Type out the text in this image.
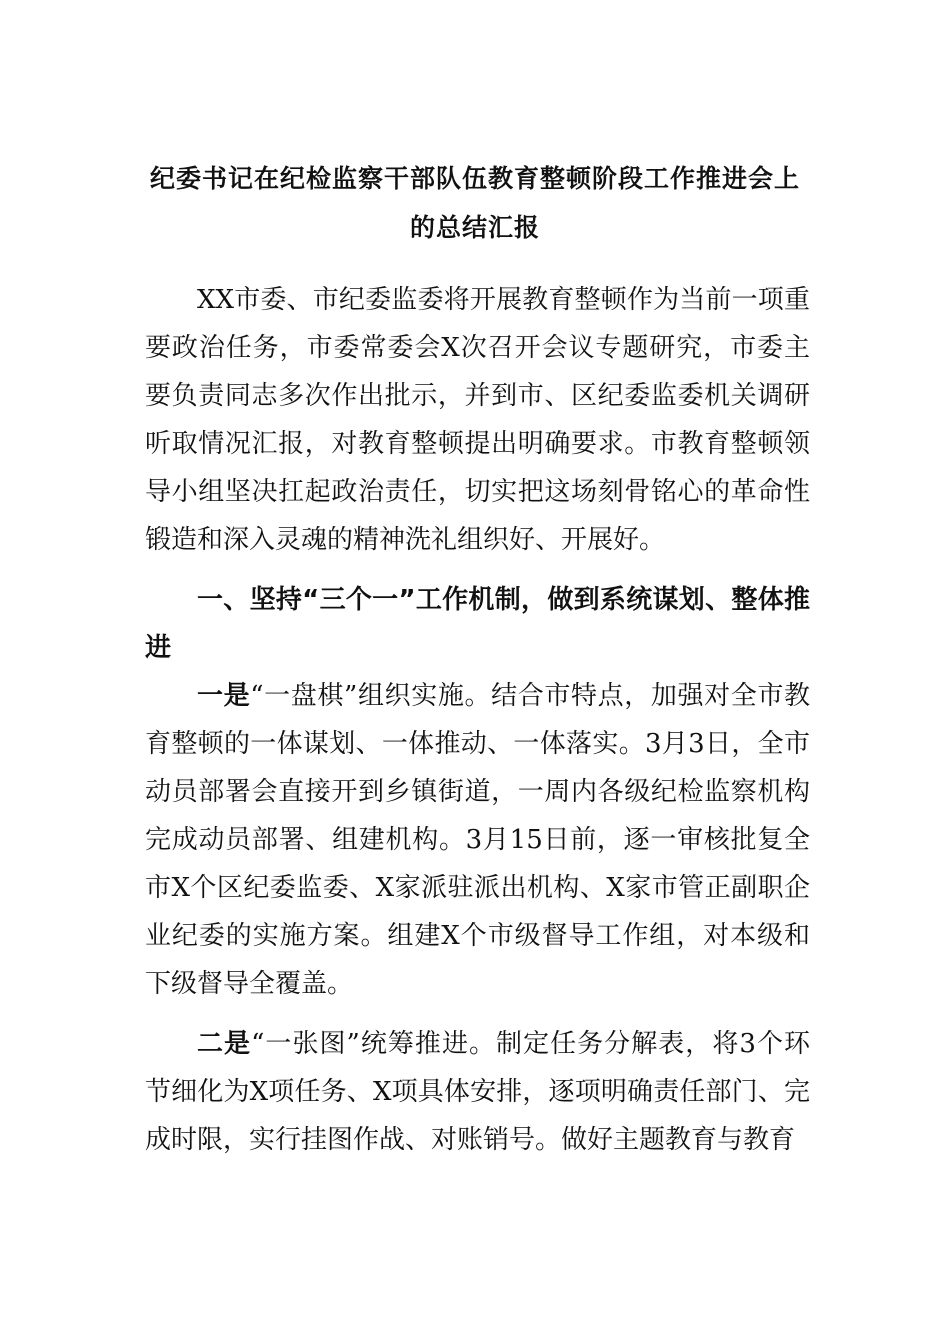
纪委书记在纪检监察干部队伍教育整顿阶段工作推进会上
的总结汇报

XX市委、市纪委监委将开展教育整顿作为当前一项重要政治任务，市委常委会X次召开会议专题研究，市委主要负责同志多次作出批示，并到市、区纪委监委机关调研听取情况汇报，对教育整顿提出明确要求。市教育整顿领导小组坚决扛起政治责任，切实把这场刻骨铭心的革命性锻造和深入灵魂的精神洗礼组织好、开展好。

一、坚持“三个一”工作机制，做到系统谋划、整体推进

一是“一盘棋”组织实施。结合市特点，加强对全市教育整顿的一体谋划、一体推动、一体落实。3月3日，全市动员部署会直接开到乡镇街道，一周内各级纪检监察机构完成动员部署、组建机构。3月15日前，逐一审核批复全市X个区纪委监委、X家派驻派出机构、X家市管正副职企业纪委的实施方案。组建X个市级督导工作组，对本级和下级督导全覆盖。

二是“一张图”统筹推进。制定任务分解表，将3个环节细化为X项任务、X项具体安排，逐项明确责任部门、完成时限，实行挂图作战、对账销号。做好主题教育与教育
